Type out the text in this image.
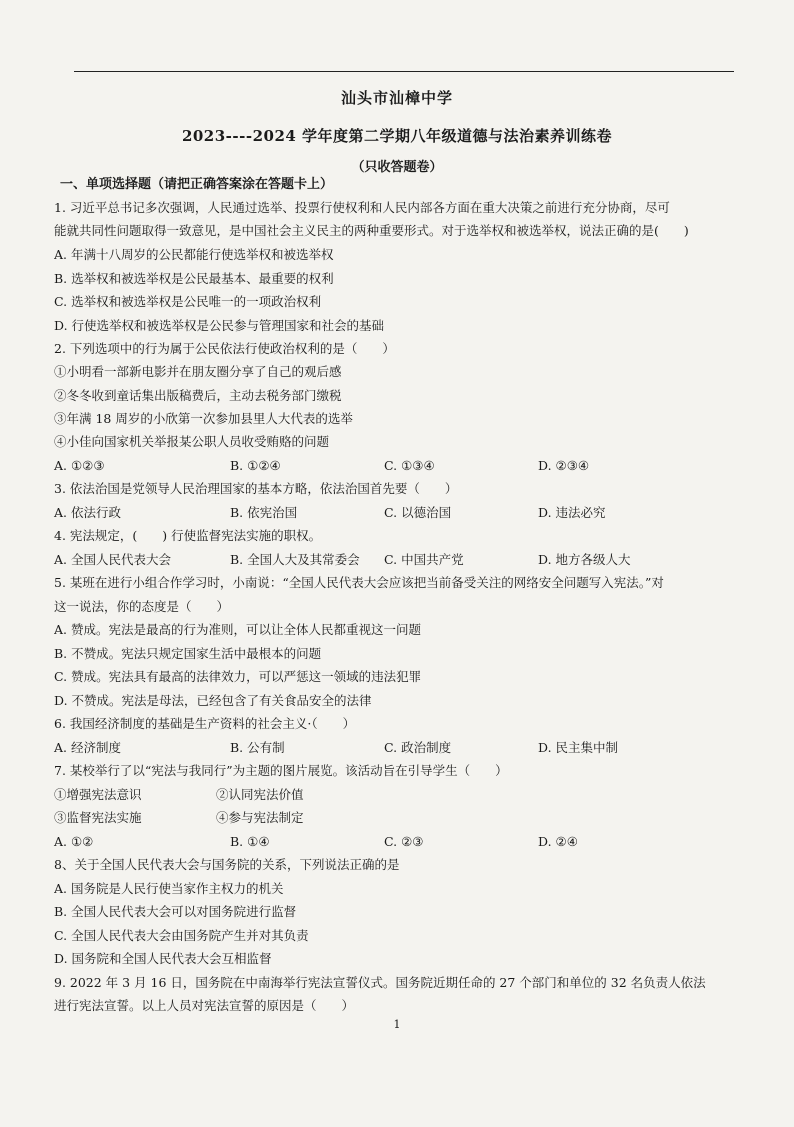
汕头市汕樟中学
2023----2024 学年度第二学期八年级道德与法治素养训练卷
（只收答题卷）
一、单项选择题（请把正确答案涂在答题卡上）
1. 习近平总书记多次强调，人民通过选举、投票行使权利和人民内部各方面在重大决策之前进行充分协商，尽可
能就共同性问题取得一致意见，是中国社会主义民主的两种重要形式。对于选举权和被选举权，说法正确的是(　　)
A. 年满十八周岁的公民都能行使选举权和被选举权
B. 选举权和被选举权是公民最基本、最重要的权利
C. 选举权和被选举权是公民唯一的一项政治权利
D. 行使选举权和被选举权是公民参与管理国家和社会的基础
2. 下列选项中的行为属于公民依法行使政治权利的是（　　）
①小明看一部新电影并在朋友圈分享了自己的观后感
②冬冬收到童话集出版稿费后，主动去税务部门缴税
③年满 18 周岁的小欣第一次参加县里人大代表的选举
④小佳向国家机关举报某公职人员收受贿赂的问题
A. ①②③	B. ①②④	C. ①③④	D. ②③④
3. 依法治国是党领导人民治理国家的基本方略，依法治国首先要（　　）
A. 依法行政	B. 依宪治国	C. 以德治国	D. 违法必究
4. 宪法规定，(　　) 行使监督宪法实施的职权。
A. 全国人民代表大会	B. 全国人大及其常委会 C. 中国共产党	D. 地方各级人大
5. 某班在进行小组合作学习时，小南说：“全国人民代表大会应该把当前备受关注的网络安全问题写入宪法。”对
这一说法，你的态度是（　　）
A. 赞成。宪法是最高的行为准则，可以让全体人民都重视这一问题
B. 不赞成。宪法只规定国家生活中最根本的问题
C. 赞成。宪法具有最高的法律效力，可以严惩这一领域的违法犯罪
D. 不赞成。宪法是母法，已经包含了有关食品安全的法律
6. 我国经济制度的基础是生产资料的社会主义·（　　）
A. 经济制度	B. 公有制	C. 政治制度	D. 民主集中制
7. 某校举行了以“宪法与我同行”为主题的图片展览。该活动旨在引导学生（　　）
①增强宪法意识	②认同宪法价值
③监督宪法实施	④参与宪法制定
A. ①②	B. ①④	C. ②③	D. ②④
8、关于全国人民代表大会与国务院的关系，下列说法正确的是
A. 国务院是人民行使当家作主权力的机关
B. 全国人民代表大会可以对国务院进行监督
C. 全国人民代表大会由国务院产生并对其负责
D. 国务院和全国人民代表大会互相监督
9. 2022 年 3 月 16 日，国务院在中南海举行宪法宣誓仪式。国务院近期任命的 27 个部门和单位的 32 名负责人依法
进行宪法宣誓。以上人员对宪法宣誓的原因是（　　）
1
